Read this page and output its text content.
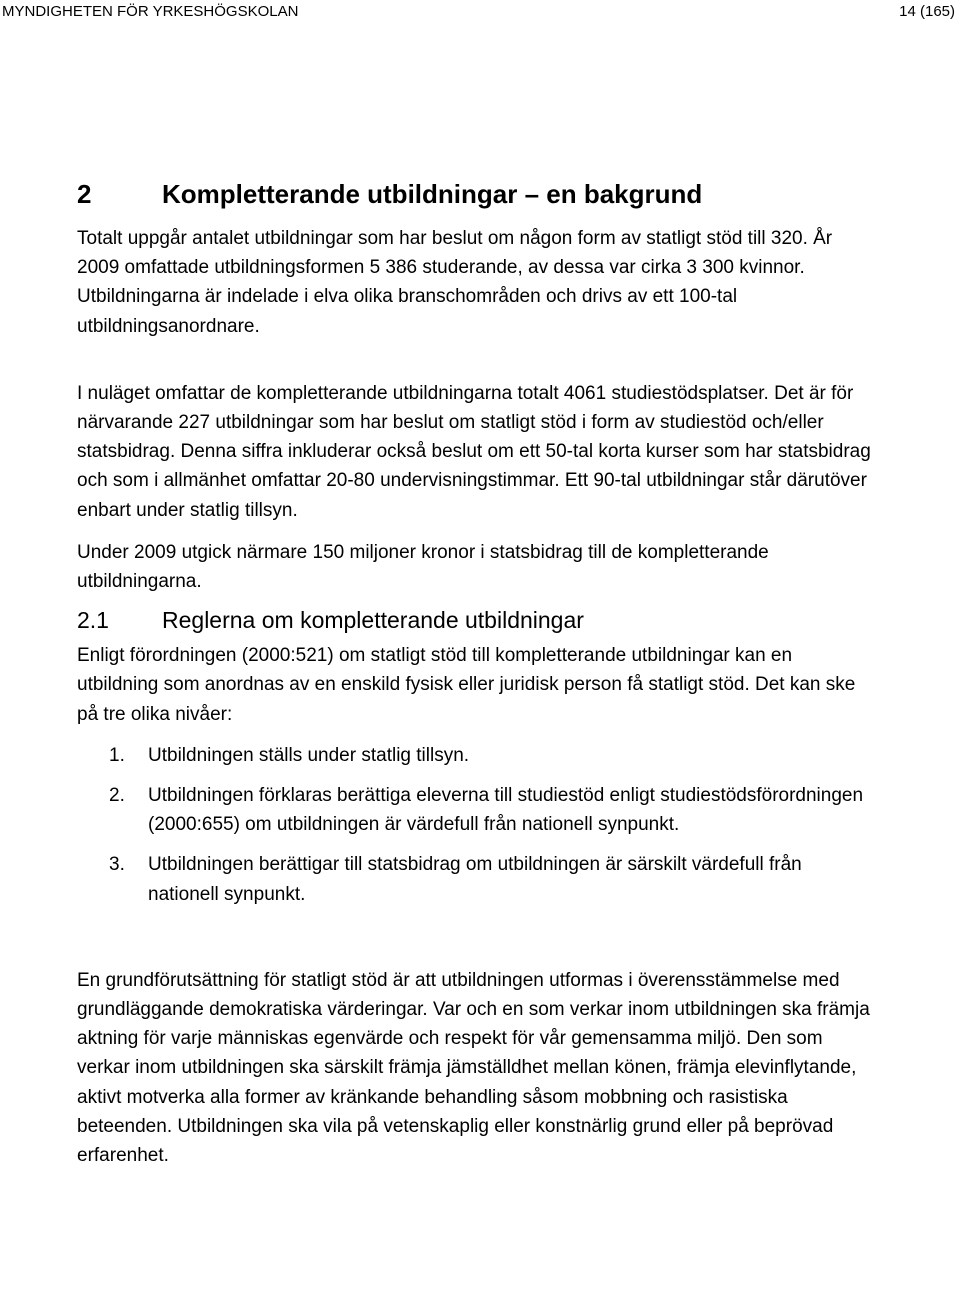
MYNDIGHETEN FÖR YRKESHÖGSKOLAN	14 (165)
2	Kompletterande utbildningar – en bakgrund

Totalt uppgår antalet utbildningar som har beslut om någon form av statligt stöd till 320. År 2009 omfattade utbildningsformen 5 386 studerande, av dessa var cirka 3 300 kvinnor. Utbildningarna är indelade i elva olika branschområden och drivs av ett 100-tal utbildningsanordnare.

I nuläget omfattar de kompletterande utbildningarna totalt 4061 studiestödsplatser. Det är för närvarande 227 utbildningar som har beslut om statligt stöd i form av studiestöd och/eller statsbidrag. Denna siffra inkluderar också beslut om ett 50-tal korta kurser som har statsbidrag och som i allmänhet omfattar 20-80 undervisningstimmar. Ett 90-tal utbildningar står därutöver enbart under statlig tillsyn.

Under 2009 utgick närmare 150 miljoner kronor i statsbidrag till de kompletterande utbildningarna.

2.1	Reglerna om kompletterande utbildningar

Enligt förordningen (2000:521) om statligt stöd till kompletterande utbildningar kan en utbildning som anordnas av en enskild fysisk eller juridisk person få statligt stöd. Det kan ske på tre olika nivåer:

1.	Utbildningen ställs under statlig tillsyn.
2.	Utbildningen förklaras berättiga eleverna till studiestöd enligt studiestödsförordningen (2000:655) om utbildningen är värdefull från nationell synpunkt.
3.	Utbildningen berättigar till statsbidrag om utbildningen är särskilt värdefull från nationell synpunkt.

En grundförutsättning för statligt stöd är att utbildningen utformas i överensstämmelse med grundläggande demokratiska värderingar. Var och en som verkar inom utbildningen ska främja aktning för varje människas egenvärde och respekt för vår gemensamma miljö. Den som verkar inom utbildningen ska särskilt främja jämställdhet mellan könen, främja elevinflytande, aktivt motverka alla former av kränkande behandling såsom mobbning och rasistiska beteenden. Utbildningen ska vila på vetenskaplig eller konstnärlig grund eller på beprövad erfarenhet.
